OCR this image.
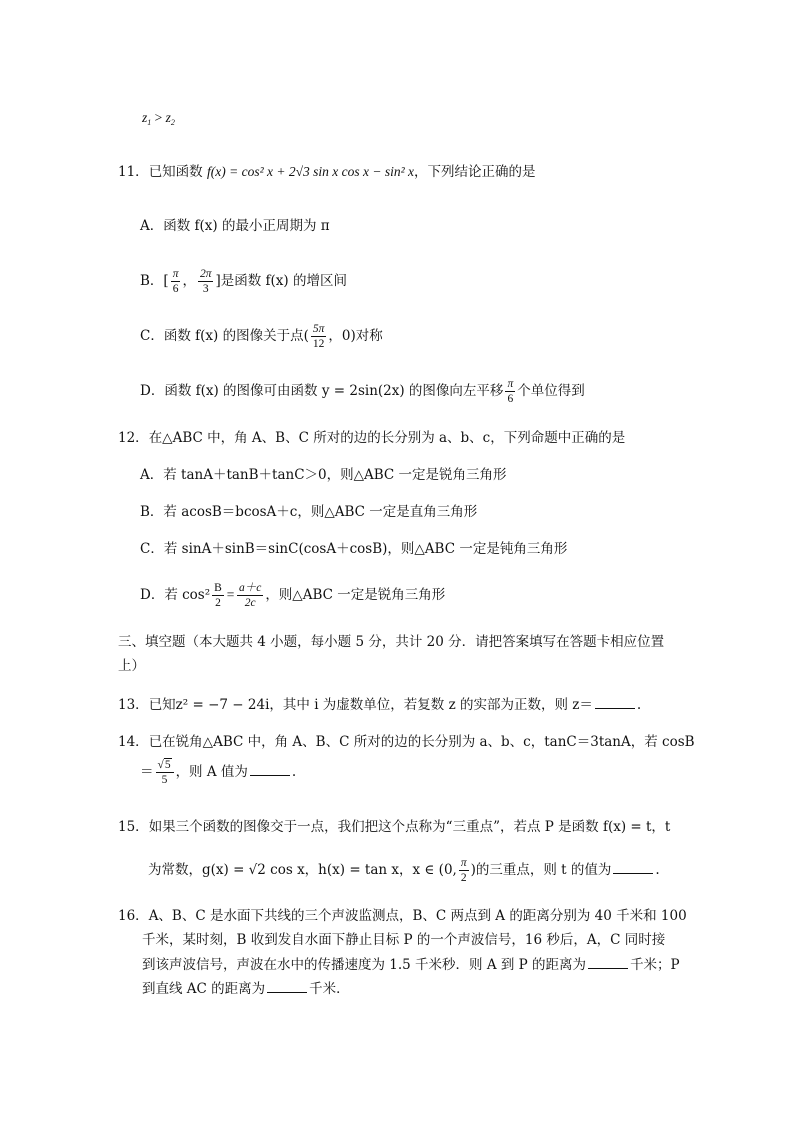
$z_1 > z_2$
11．已知函数 f(x) = cos² x + 2√3 sin x cos x − sin² x，下列结论正确的是
A．函数 f(x) 的最小正周期为 π
B．[ $\frac{\pi}{6}$ ， $\frac{2\pi}{3}$ ]是函数 f(x) 的增区间
C．函数 f(x) 的图像关于点( $\frac{5\pi}{12}$ ，0)对称
D．函数 f(x) 的图像可由函数 y = 2sin(2x) 的图像向左平移 $\frac{\pi}{6}$ 个单位得到
12．在△ABC 中，角 A、B、C 所对的边的长分别为 a、b、c，下列命题中正确的是
A．若 tanA＋tanB＋tanC＞0，则△ABC 一定是锐角三角形
B．若 acosB＝bcosA＋c，则△ABC 一定是直角三角形
C．若 sinA＋sinB＝sinC(cosA＋cosB)，则△ABC 一定是钝角三角形
D．若 $\cos^2 \frac{B}{2} = \frac{a+c}{2c}$ ，则△ABC 一定是锐角三角形
三、填空题（本大题共 4 小题，每小题 5 分，共计 20 分．请把答案填写在答题卡相应位置
上）
13．已知z² = −7 − 24i，其中 i 为虚数单位，若复数 z 的实部为正数，则 z＝	.
14．已在锐角△ABC 中，角 A、B、C 所对的边的长分别为 a、b、c，tanC＝3tanA，若 cosB
＝ $\frac{√5}{5}$ ，则 A 值为	.
15．如果三个函数的图像交于一点，我们把这个点称为“三重点”，若点 P 是函数 f(x) = t，t
为常数，g(x) = √2 cos x，h(x) = tan x，x ∈ (0, $\frac{\pi}{2}$ )的三重点，则 t 的值为	.
16．A、B、C 是水面下共线的三个声波监测点，B、C 两点到 A 的距离分别为 40 千米和 100
千米，某时刻，B 收到发自水面下静止目标 P 的一个声波信号，16 秒后，A，C 同时接
到该声波信号，声波在水中的传播速度为 1.5 千米秒．则 A 到 P 的距离为	千米；P
到直线 AC 的距离为	千米．
